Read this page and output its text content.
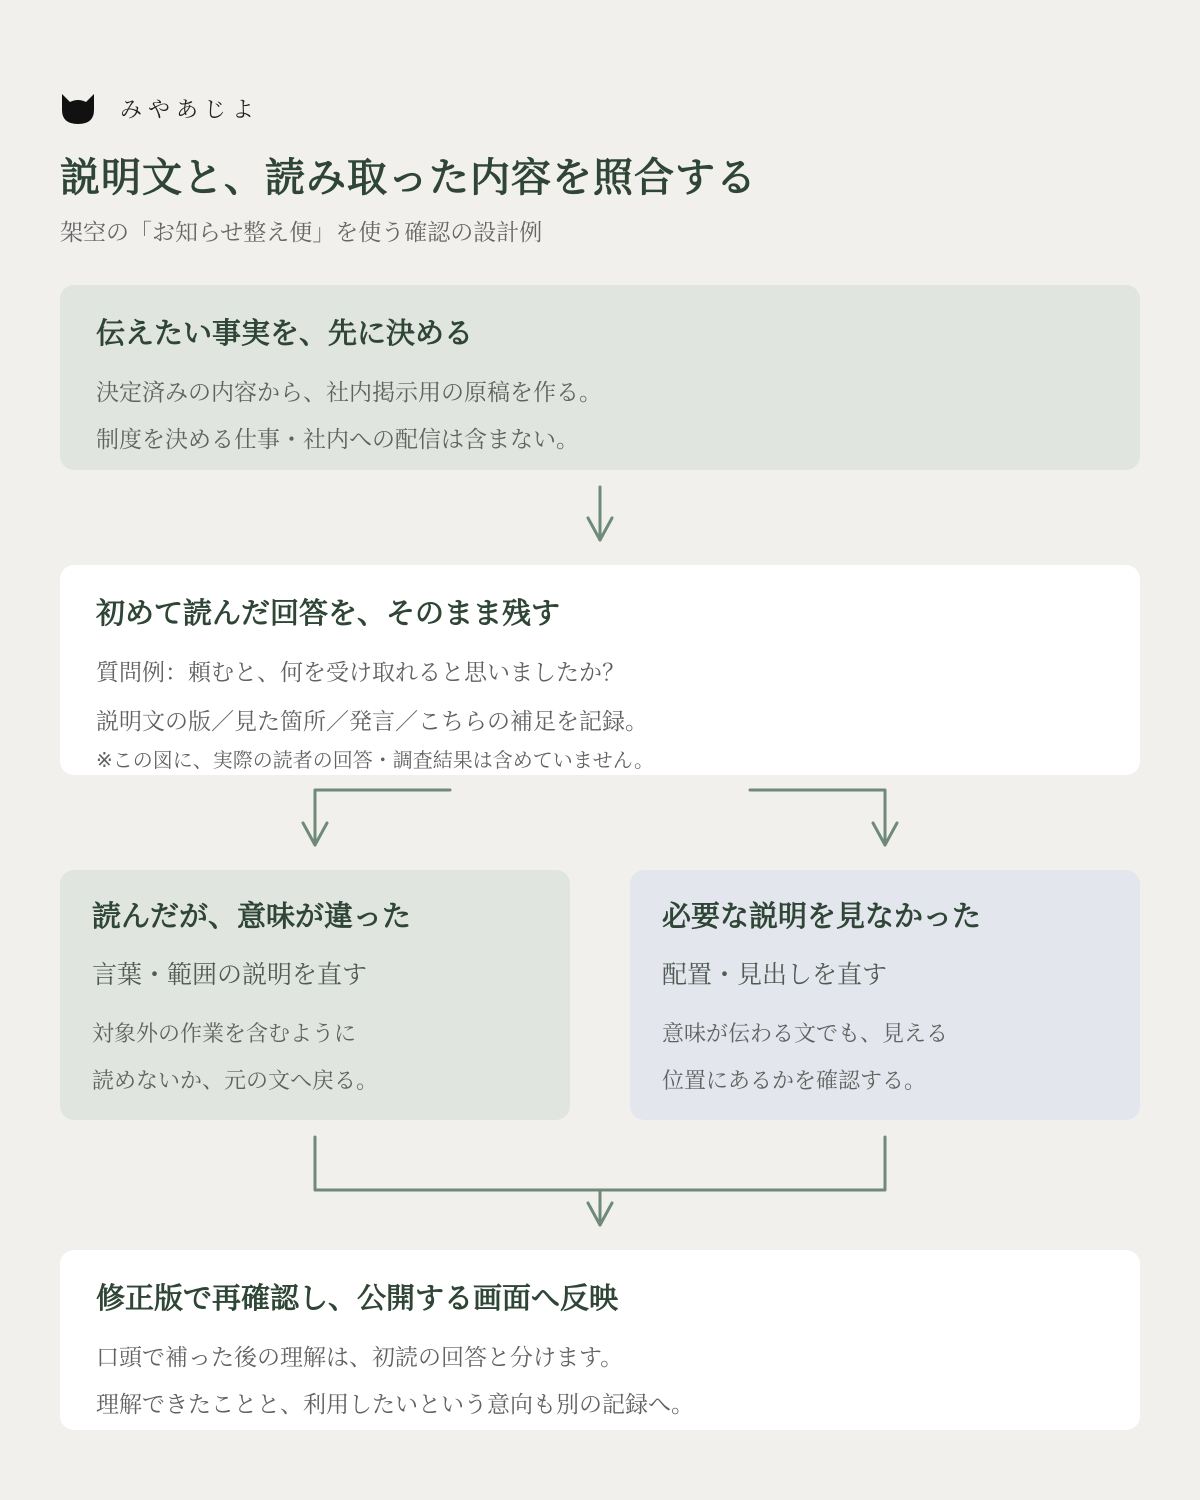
みやあじよ
説明文と、読み取った内容を照合する
架空の「お知らせ整え便」を使う確認の設計例
伝えたい事実を、先に決める
決定済みの内容から、社内掲示用の原稿を作る。
制度を決める仕事・社内への配信は含まない。
初めて読んだ回答を、そのまま残す
質問例：頼むと、何を受け取れると思いましたか？
説明文の版／見た箇所／発言／こちらの補足を記録。
※この図に、実際の読者の回答・調査結果は含めていません。
読んだが、意味が違った
言葉・範囲の説明を直す
対象外の作業を含むように
読めないか、元の文へ戻る。
必要な説明を見なかった
配置・見出しを直す
意味が伝わる文でも、見える
位置にあるかを確認する。
修正版で再確認し、公開する画面へ反映
口頭で補った後の理解は、初読の回答と分けます。
理解できたことと、利用したいという意向も別の記録へ。
